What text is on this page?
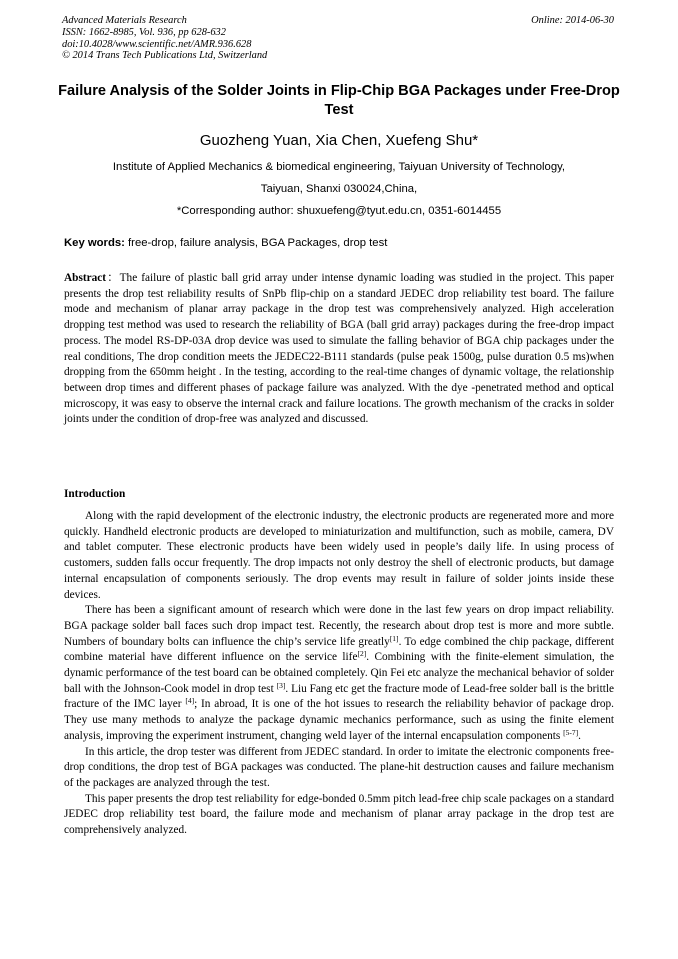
Advanced Materials Research
ISSN: 1662-8985, Vol. 936, pp 628-632
doi:10.4028/www.scientific.net/AMR.936.628
© 2014 Trans Tech Publications Ltd, Switzerland
Online: 2014-06-30
Failure Analysis of the Solder Joints in Flip-Chip BGA Packages under Free-Drop Test
Guozheng Yuan, Xia Chen, Xuefeng Shu*
Institute of Applied Mechanics & biomedical engineering, Taiyuan University of Technology,
Taiyuan, Shanxi 030024,China,
*Corresponding author: shuxuefeng@tyut.edu.cn, 0351-6014455
Key words: free-drop, failure analysis, BGA Packages, drop test
Abstract：The failure of plastic ball grid array under intense dynamic loading was studied in the project. This paper presents the drop test reliability results of SnPb flip-chip on a standard JEDEC drop reliability test board. The failure mode and mechanism of planar array package in the drop test was comprehensively analyzed. High acceleration dropping test method was used to research the reliability of BGA (ball grid array) packages during the free-drop impact process. The model RS-DP-03A drop device was used to simulate the falling behavior of BGA chip packages under the real conditions, The drop condition meets the JEDEC22-B111 standards (pulse peak 1500g, pulse duration 0.5 ms)when dropping from the 650mm height . In the testing, according to the real-time changes of dynamic voltage, the relationship between drop times and different phases of package failure was analyzed. With the dye -penetrated method and optical microscopy, it was easy to observe the internal crack and failure locations. The growth mechanism of the cracks in solder joints under the condition of drop-free was analyzed and discussed.
Introduction

Along with the rapid development of the electronic industry, the electronic products are regenerated more and more quickly. Handheld electronic products are developed to miniaturization and multifunction, such as mobile, camera, DV and tablet computer. These electronic products have been widely used in people’s daily life. In using process of customers, sudden falls occur frequently. The drop impacts not only destroy the shell of electronic products, but damage internal encapsulation of components seriously. The drop events may result in failure of solder joints inside these devices.

There has been a significant amount of research which were done in the last few years on drop impact reliability. BGA package solder ball faces such drop impact test. Recently, the research about drop test is more and more subtle. Numbers of boundary bolts can influence the chip’s service life greatly[1]. To edge combined the chip package, different combine material have different influence on the service life[2]. Combining with the finite-element simulation, the dynamic performance of the test board can be obtained completely. Qin Fei etc analyze the mechanical behavior of solder ball with the Johnson-Cook model in drop test [3]. Liu Fang etc get the fracture mode of Lead-free solder ball is the brittle fracture of the IMC layer [4]; In abroad, It is one of the hot issues to research the reliability behavior of package drop. They use many methods to analyze the package dynamic mechanics performance, such as using the finite element analysis, improving the experiment instrument, changing weld layer of the internal encapsulation components [5-7].

In this article, the drop tester was different from JEDEC standard. In order to imitate the electronic components free-drop conditions, the drop test of BGA packages was conducted. The plane-hit destruction causes and failure mechanism of the packages are analyzed through the test.

This paper presents the drop test reliability for edge-bonded 0.5mm pitch lead-free chip scale packages on a standard JEDEC drop reliability test board, the failure mode and mechanism of planar array package in the drop test are comprehensively analyzed.
